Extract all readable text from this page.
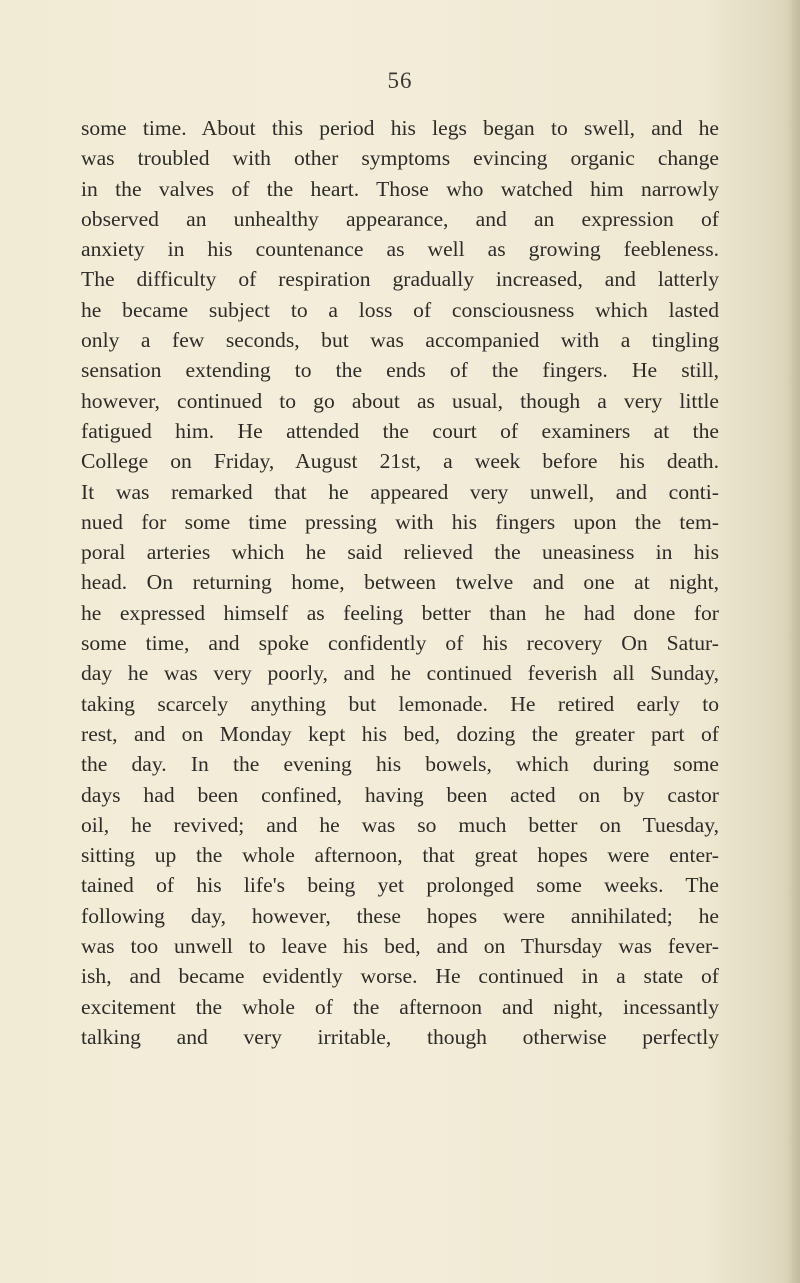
56
some time. About this period his legs began to swell, and he
was troubled with other symptoms evincing organic change
in the valves of the heart. Those who watched him narrowly
observed an unhealthy appearance, and an expression of
anxiety in his countenance as well as growing feebleness.
The difficulty of respiration gradually increased, and latterly
he became subject to a loss of consciousness which lasted
only a few seconds, but was accompanied with a tingling
sensation extending to the ends of the fingers. He still,
however, continued to go about as usual, though a very little
fatigued him. He attended the court of examiners at the
College on Friday, August 21st, a week before his death.
It was remarked that he appeared very unwell, and conti-
nued for some time pressing with his fingers upon the tem-
poral arteries which he said relieved the uneasiness in his
head. On returning home, between twelve and one at night,
he expressed himself as feeling better than he had done for
some time, and spoke confidently of his recovery On Satur-
day he was very poorly, and he continued feverish all Sunday,
taking scarcely anything but lemonade. He retired early to
rest, and on Monday kept his bed, dozing the greater part of
the day. In the evening his bowels, which during some
days had been confined, having been acted on by castor
oil, he revived; and he was so much better on Tuesday,
sitting up the whole afternoon, that great hopes were enter-
tained of his life's being yet prolonged some weeks. The
following day, however, these hopes were annihilated; he
was too unwell to leave his bed, and on Thursday was fever-
ish, and became evidently worse. He continued in a state of
excitement the whole of the afternoon and night, incessantly
talking and very irritable, though otherwise perfectly
